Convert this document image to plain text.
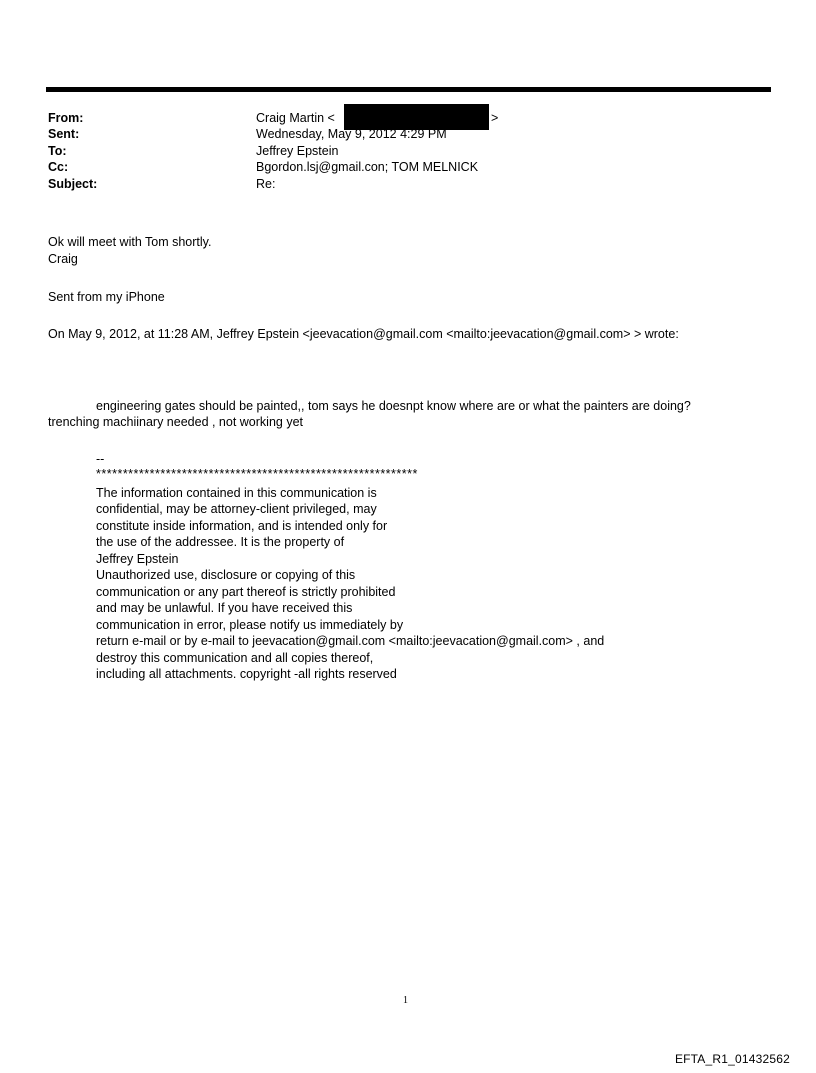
From:	Craig Martin <	>
Sent:	Wednesday, May 9, 2012 4:29 PM
To:	Jeffrey Epstein
Cc:	Bgordon.lsj@gmail.con; TOM MELNICK
Subject:	Re:
Ok will meet with Tom shortly.
Craig
Sent from my iPhone
On May 9, 2012, at 11:28 AM, Jeffrey Epstein <jeevacation@gmail.com <mailto:jeevacation@gmail.com> > wrote:
engineering gates should be painted,, tom says he doesnpt know where are or what the painters are doing?
trenching machiinary needed , not working yet
--
************************************************************
The information contained in this communication is
confidential, may be attorney-client privileged, may
constitute inside information, and is intended only for
the use of the addressee. It is the property of
Jeffrey Epstein
Unauthorized use, disclosure or copying of this
communication or any part thereof is strictly prohibited
and may be unlawful. If you have received this
communication in error, please notify us immediately by
return e-mail or by e-mail to jeevacation@gmail.com <mailto:jeevacation@gmail.com> , and
destroy this communication and all copies thereof,
including all attachments. copyright -all rights reserved
1
EFTA_R1_01432562
